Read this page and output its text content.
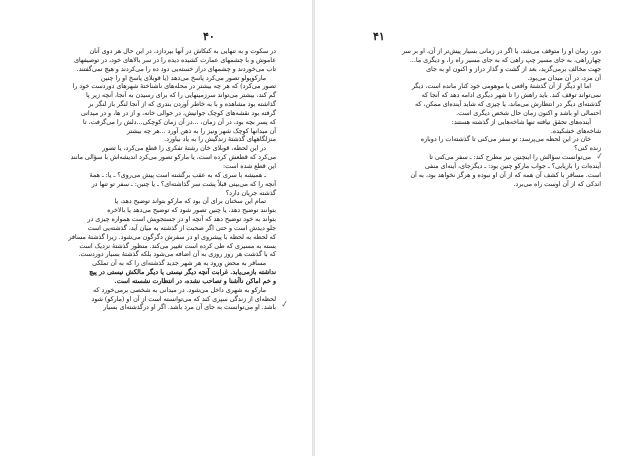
۴۰

در سکوت و به تنهایی به کنکاش در آنها بپردازد، در این حال هر دوی آنان

عاموش و با چشمهای عمارت کشیده دیده را در سر بالاهای خود، در توصیفهای

تاب می‌خوردند و چشمهای دراز خسته‌یی دود ده را می‌کردند و هیچ نمی‌گفتند.

مارکوپولو تصور می‌کرد پاسخ می‌دهد (یا قوبلای پاسخ او را چنین

تصور می‌کرد) که هر چه بیشتر در محله‌های ناشناختهٔ شهرهای دوردست خود را

گم کند، بیشتر می‌تواند سرزمینهایی را که برای رسیدن به آنجا، آنچه زیر پا

گذاشته بود مشاهده و با به خاطر آوردن بندری که از آنجا لنگر باز لنگر بر

گرفته بود نقشه‌های کوچک جوانیش، در حوالی خانه، و از در ها، و در میدانی

که پسر بچه بود، در آن زمان، ...در آن زمان کوچکی...دلش را می‌گرفت، تا

آن میدانها کوچک شهر ونیز را به ذهن آورد ...هر چه بیشتر

منزلگاههای گذشتهٔ زندگیش را به یاد بیاورد.

در این لحظه، قوبلای خان رشتهٔ تفکری را قطع می‌کرد، یا تصور

می‌کرد که قطعش کرده است، یا مارکو تصور می‌کرد اندیشه‌اش با سؤالی مانند

این قطع شده است:

ـ همیشه با سری که به عقب برگشته است پیش می‌روی؟ ـ یا: ـ همهٔ

آنچه را که می‌بینی قبلاً پشت سر گذاشته‌ای؟ ـ یا چنین: ـ سفر تو تنها در

گذشته جریان دارد؟

تمام این سخنان برای آن بود که مارکو بتواند توضیح دهد، یا

بتوانند توضیح دهد، یا چنین تصور شود که توضیح می‌دهد یا بالاخره

بتواند به خود توضیح دهد که آنچه او در جستجویش است همواره چیزی در

جلو دیدش است و حتی اگر صحبت از گذشته به میان آید، گذشته‌یی است

که لحظه به لحظه با پیشروی او در سفرش دگرگون می‌شود. زیرا گذشتهٔ مسافر

بسته به مسیری که طی کرده است تغییر می‌کند. منظور گذشتهٔ نزدیک است

که با گذشت هر روز روزی به آن اضافه می‌شود بلکه گذشتهٔ بسیار دوردست.

مسافر به محض ورود به هر شهر جدید گذشته‌ای را که به آن تملکی

نداشته بازمی‌یابد. غرابت آنچه دیگر نیستی یا دیگر مالکش نیستی در پیچ

و خم اماکن ناآشنا و تصاحب نشده، در انتظارت نشسته است.

مارکو به شهری داخل می‌شود. در میدانی به شخصی برمی‌خورد که

لحظه‌ای از زندگی سپری کند که می‌توانسته است از آن او (مارکو) شود

باشد. او می‌توانست به جای آن مرد باشد. اگر او درگذشته‌ای بسیار ✓
۴۱

دور، زمان او را متوقف می‌شد، یا اگر در زمانی بسیار پیش‌تر از آن، او بر سر

چهارراهی، به جای مسیر چپ راهی که به جای مسیر راه را، و دیگری ما...

جهت مخالف برمی‌گزید، بعد از گشت و گذار دراز و اکنون او به جای

آن مرد، در آن میدان می‌بود.

اما او دیگر از آن گذشتهٔ واقعی یا موهومی خود کنار مانده است، دیگر

نمی‌تواند توقف کند. باید راهش را تا شهر دیگری ادامه دهد که آنجا که

گذشته‌ای دیگر در انتظارش می‌ماند، یا چیزی که شاید آینده‌ای ممکن، که

احتمالی او باشد و اکنون زمان حال شخص دیگری است.

آینده‌های تحقق نیافته تنها شاخه‌هایی از گذشته هستند:

شاخه‌های خشکیده.

خان در این لحظه می‌پرسد: تو سفر می‌کنی تا گذشته‌ات را دوباره

زنده کنی؟

می‌توانست سؤالش را اینچنین نیز مطرح کند: ـ سفر می‌کنی تا

آینده‌ات را بازیابی؟ ـ جواب مارکو چنین بود: ـ دیگرجای، آینه‌ای منفی

است. مسافر با کشف آن همه که از آن او نبوده و هرگز نخواهد بود، به آن

اندکی که از آن اوست راه می‌برد.

✓
